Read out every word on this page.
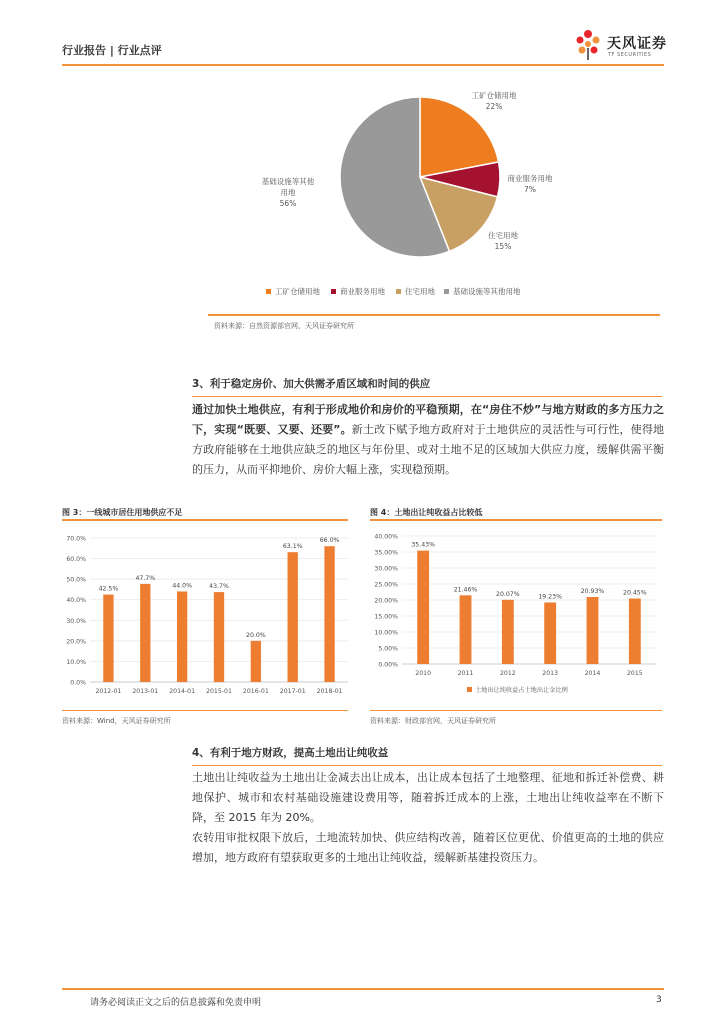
行业报告 | 行业点评	天风证券
TF SECURITIES
工矿仓储用地
22%
商业服务用地
7%
住宅用地
15%
基础设施等其他
用地
56%
工矿仓储用地	商业服务用地	住宅用地 基础设施等其他用地
资料来源：自然资源部官网，天风证券研究所
3、利于稳定房价、加大供需矛盾区域和时间的供应
通过加快土地供应，有利于形成地价和房价的平稳预期，在“房住不炒”与地方财政的多方压力之下，实现“既要、又要、还要”。新土改下赋予地方政府对于土地供应的灵活性与可行性，使得地方政府能够在土地供应缺乏的地区与年份里、或对土地不足的区域加大供应力度，缓解供需平衡的压力，从而平抑地价、房价大幅上涨，实现稳预期。
图 3：一线城市居住用地供应不足
0.0%
10.0%
20.0%
30.0%
40.0%
50.0%
60.0%
70.0%
42.5%
2012-01
47.7%
2013-01
44.0%
2014-01
43.7%
2015-01
20.0%
2016-01
63.1%
2017-01
66.0%
2018-01
资料来源：Wind，天风证券研究所
图 4：土地出让纯收益占比较低
0.00%
5.00%
10.00%
15.00%
20.00%
25.00%
30.00%
35.00%
40.00%
35.43%
2010
21.46%
2011
20.07%
2012
19.23%
2013
20.93%
2014
20.45%
2015
土地出让纯收益占土地出让金比例
资料来源：财政部官网，天风证券研究所
4、有利于地方财政，提高土地出让纯收益
土地出让纯收益为土地出让金减去出让成本，出让成本包括了土地整理、征地和拆迁补偿费、耕地保护、城市和农村基础设施建设费用等，随着拆迁成本的上涨，土地出让纯收益率在不断下降，至 2015 年为 20%。
农转用审批权限下放后，土地流转加快、供应结构改善，随着区位更优、价值更高的土地的供应增加，地方政府有望获取更多的土地出让纯收益，缓解新基建投资压力。
请务必阅读正文之后的信息披露和免责申明	3
